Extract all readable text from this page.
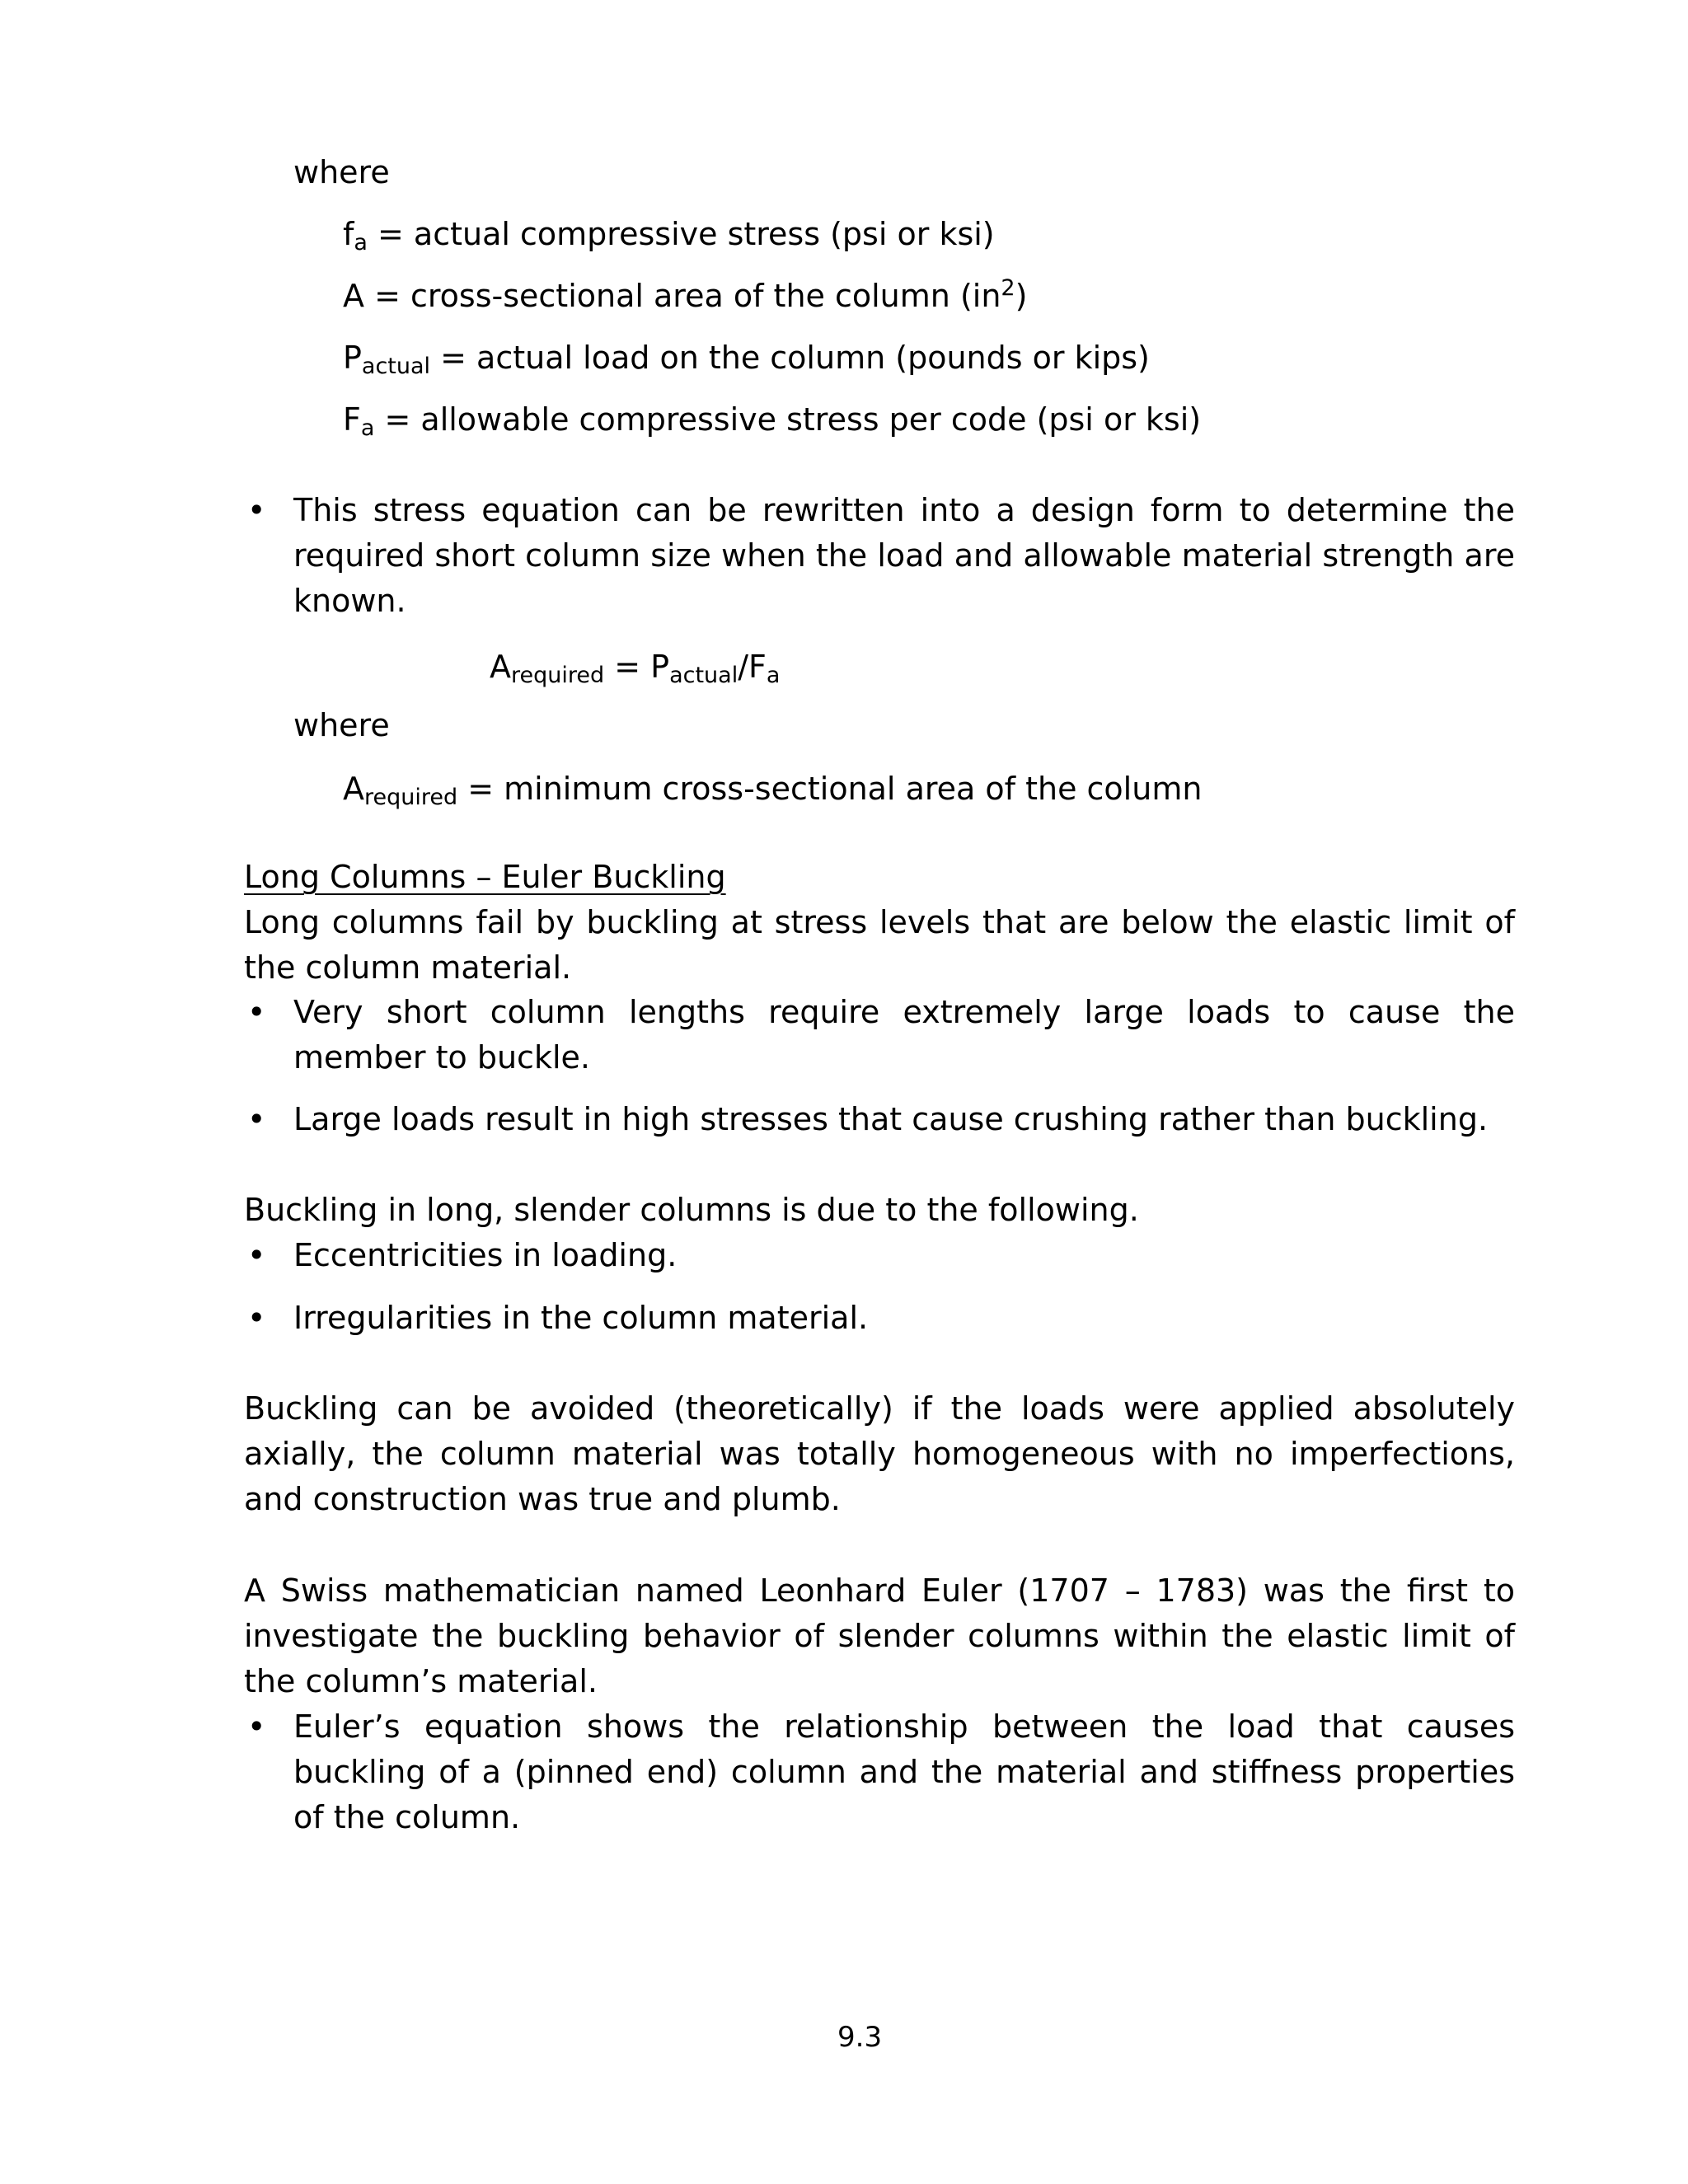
where

$f_a$ = actual compressive stress (psi or ksi)

A = cross-sectional area of the column $(in^2)$

$P_{actual}$ = actual load on the column (pounds or kips)

$F_a$ = allowable compressive stress per code (psi or ksi)

• This stress equation can be rewritten into a design form to determine the required short column size when the load and allowable material strength are known.

$A_{required} = P_{actual}/F_a$

where

$A_{required}$ = minimum cross-sectional area of the column

Long Columns – Euler Buckling

Long columns fail by buckling at stress levels that are below the elastic limit of the column material.

• Very short column lengths require extremely large loads to cause the member to buckle.

• Large loads result in high stresses that cause crushing rather than buckling.

Buckling in long, slender columns is due to the following.

• Eccentricities in loading.

• Irregularities in the column material.

Buckling can be avoided (theoretically) if the loads were applied absolutely axially, the column material was totally homogeneous with no imperfections, and construction was true and plumb.

A Swiss mathematician named Leonhard Euler (1707 – 1783) was the first to investigate the buckling behavior of slender columns within the elastic limit of the column’s material.

• Euler’s equation shows the relationship between the load that causes buckling of a (pinned end) column and the material and stiffness properties of the column.

9.3
